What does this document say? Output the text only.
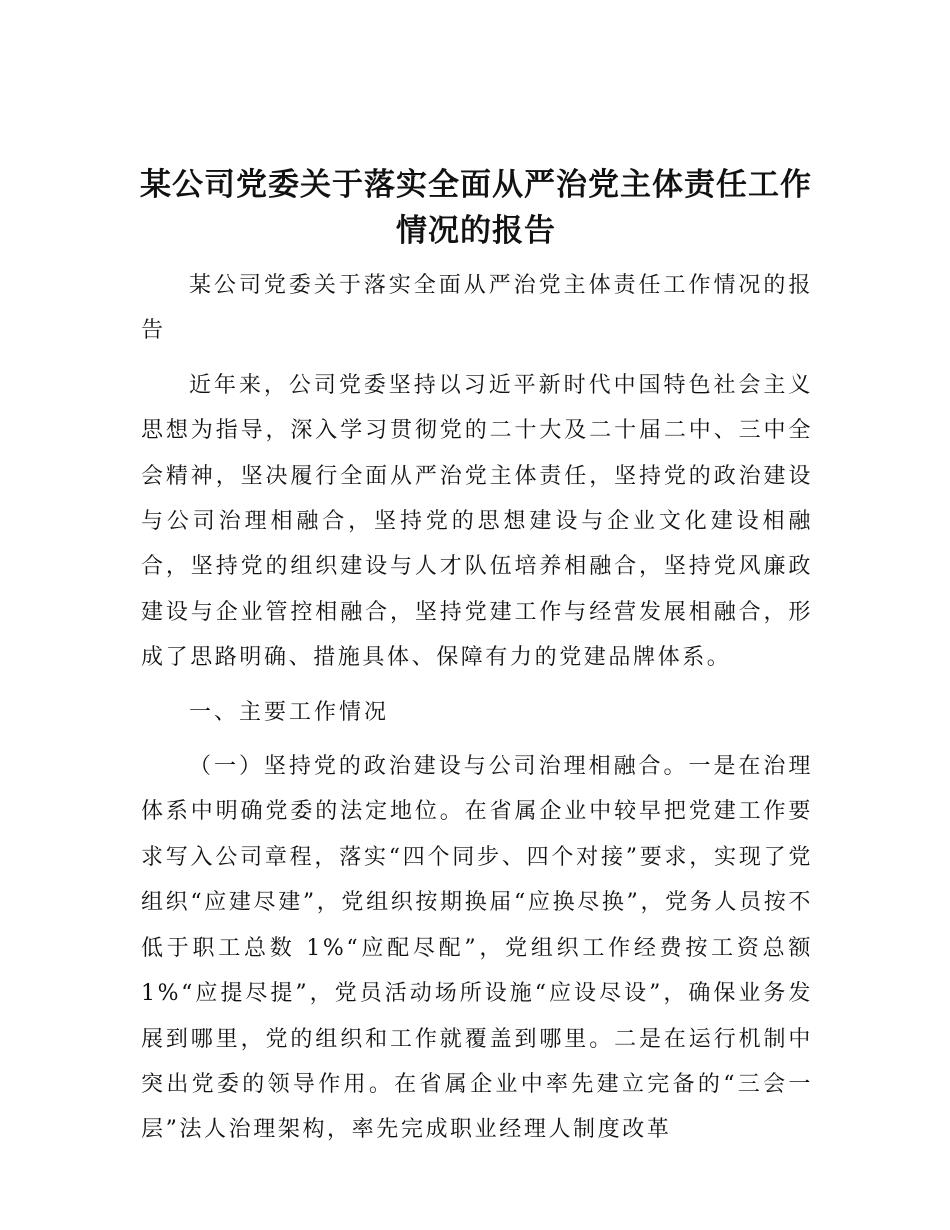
某公司党委关于落实全面从严治党主体责任工作情况的报告

某公司党委关于落实全面从严治党主体责任工作情况的报告

近年来，公司党委坚持以习近平新时代中国特色社会主义思想为指导，深入学习贯彻党的二十大及二十届二中、三中全会精神，坚决履行全面从严治党主体责任，坚持党的政治建设与公司治理相融合，坚持党的思想建设与企业文化建设相融合，坚持党的组织建设与人才队伍培养相融合，坚持党风廉政建设与企业管控相融合，坚持党建工作与经营发展相融合，形成了思路明确、措施具体、保障有力的党建品牌体系。

一、主要工作情况

（一）坚持党的政治建设与公司治理相融合。一是在治理体系中明确党委的法定地位。在省属企业中较早把党建工作要求写入公司章程，落实“四个同步、四个对接”要求，实现了党组织“应建尽建”，党组织按期换届“应换尽换”，党务人员按不低于职工总数 1%“应配尽配”，党组织工作经费按工资总额 1%“应提尽提”，党员活动场所设施“应设尽设”，确保业务发展到哪里，党的组织和工作就覆盖到哪里。二是在运行机制中突出党委的领导作用。在省属企业中率先建立完备的“三会一层”法人治理架构，率先完成职业经理人制度改革
